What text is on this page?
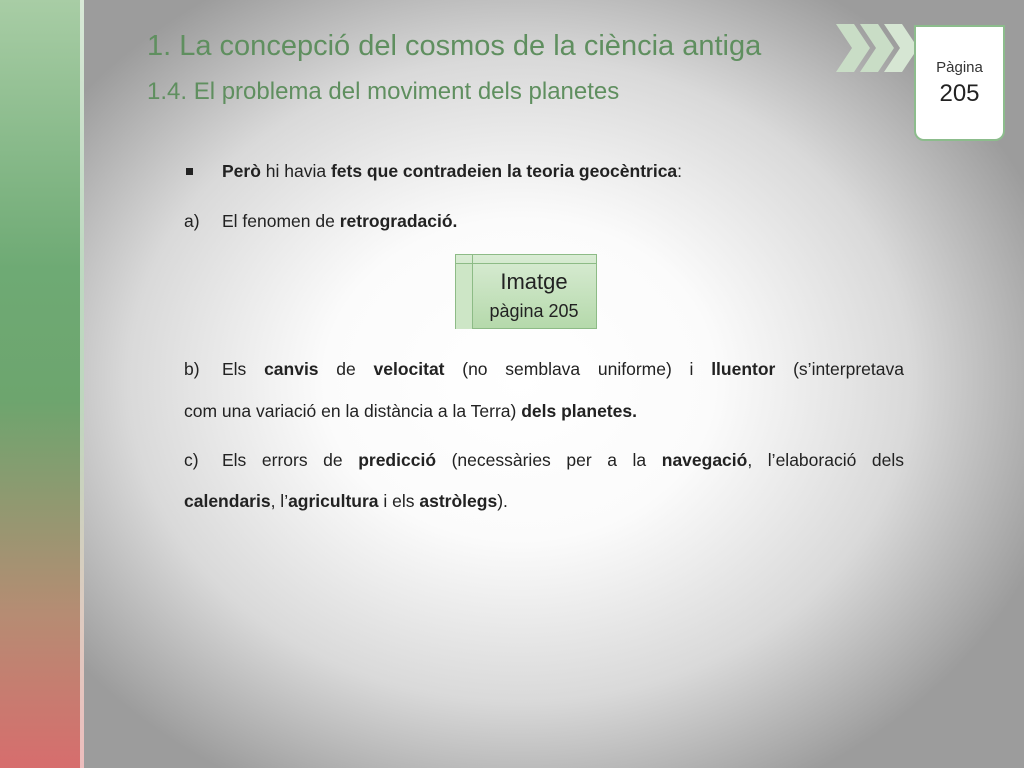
1. La concepció del cosmos de la ciència antiga
1.4. El problema del moviment dels planetes
Pàgina
205
Però hi havia fets que contradeien la teoria geocèntrica:
a) El fenomen de retrogradació.
b) Els canvis de velocitat (no semblava uniforme) i lluentor (s’interpretava
com una variació en la distància a la Terra) dels planetes.
c) Els errors de predicció (necessàries per a la navegació, l’elaboració dels
calendaris, l’agricultura i els astròlegs).
Imatge
pàgina 205
